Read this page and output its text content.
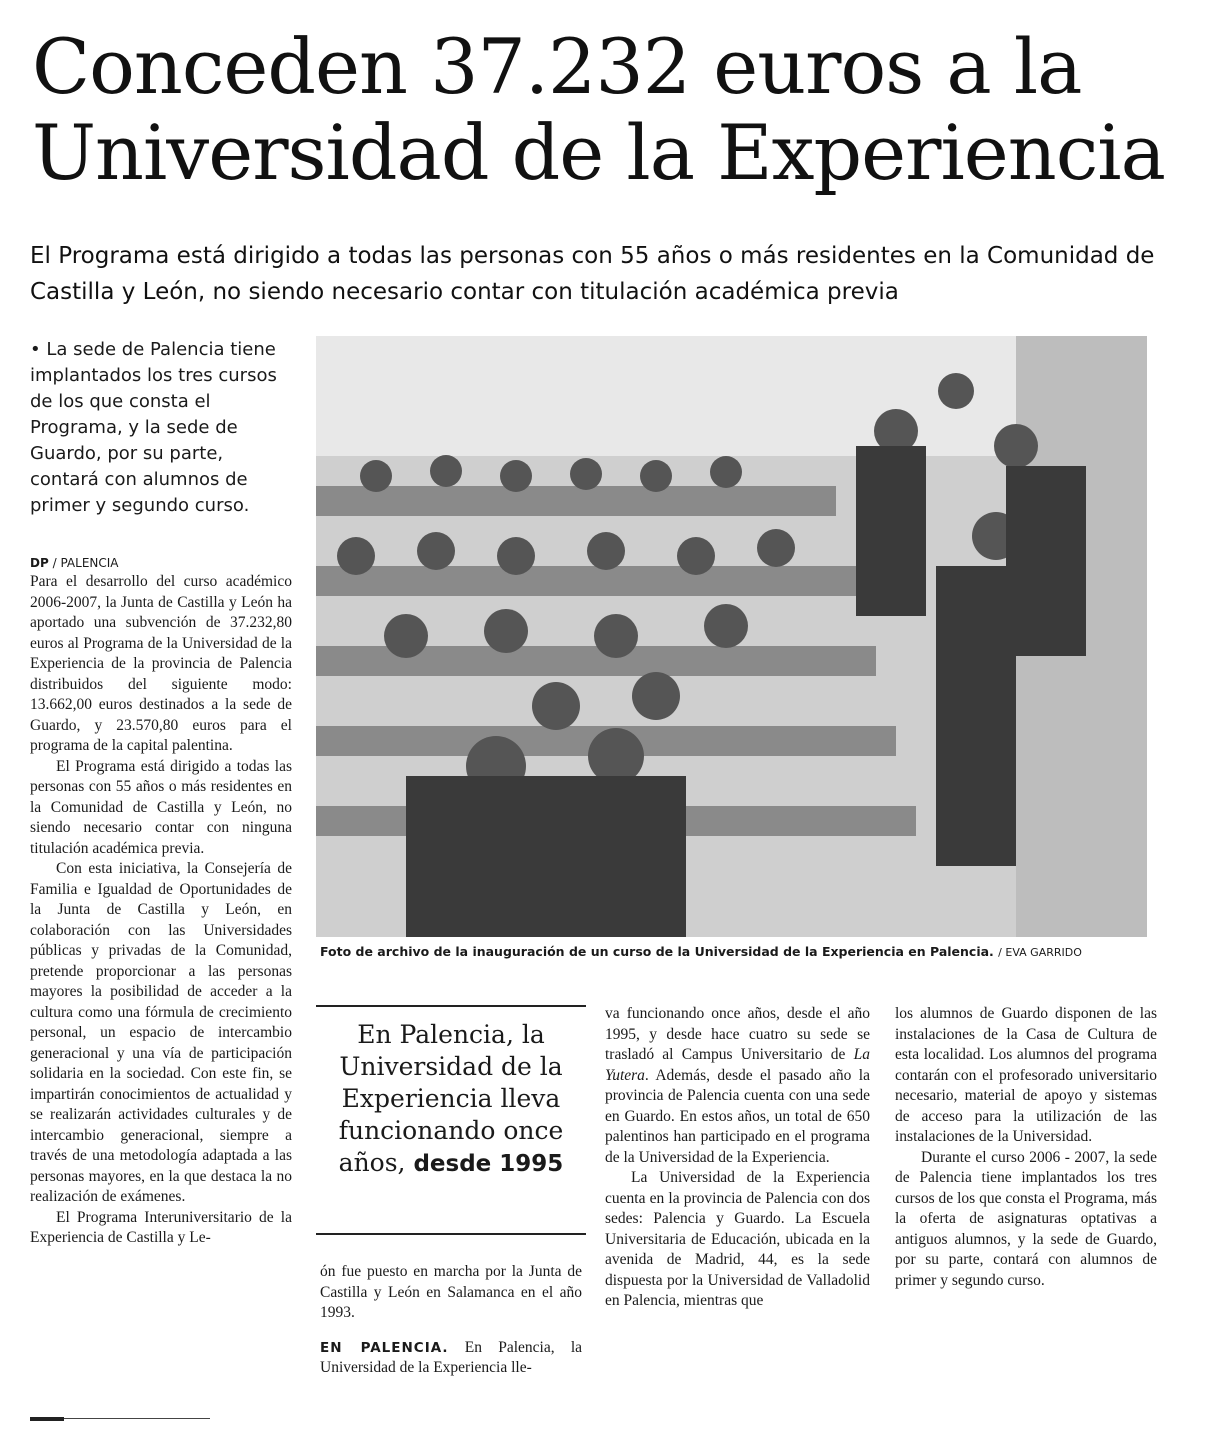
Conceden 37.232 euros a la Universidad de la Experiencia

El Programa está dirigido a todas las personas con 55 años o más residentes en la Comunidad de Castilla y León, no siendo necesario contar con titulación académica previa

• La sede de Palencia tiene implantados los tres cursos de los que consta el Programa, y la sede de Guardo, por su parte, contará con alumnos de primer y segundo curso.

DP / PALENCIA

Para el desarrollo del curso académico 2006-2007, la Junta de Castilla y León ha aportado una subvención de 37.232,80 euros al Programa de la Universidad de la Experiencia de la provincia de Palencia distribuidos del siguiente modo: 13.662,00 euros destinados a la sede de Guardo, y 23.570,80 euros para el programa de la capital palentina.

El Programa está dirigido a todas las personas con 55 años o más residentes en la Comunidad de Castilla y León, no siendo necesario contar con ninguna titulación académica previa.

Con esta iniciativa, la Consejería de Familia e Igualdad de Oportunidades de la Junta de Castilla y León, en colaboración con las Universidades públicas y privadas de la Comunidad, pretende proporcionar a las personas mayores la posibilidad de acceder a la cultura como una fórmula de crecimiento personal, un espacio de intercambio generacional y una vía de participación solidaria en la sociedad. Con este fin, se impartirán conocimientos de actualidad y se realizarán actividades culturales y de intercambio generacional, siempre a través de una metodología adaptada a las personas mayores, en la que destaca la no realización de exámenes.

El Programa Interuniversitario de la Experiencia de Castilla y Le-

Foto de archivo de la inauguración de un curso de la Universidad de la Experiencia en Palencia. / EVA GARRIDO
En Palencia, la Universidad de la Experiencia lleva funcionando once años, desde 1995

ón fue puesto en marcha por la Junta de Castilla y León en Salamanca en el año 1993.

EN PALENCIA. En Palencia, la Universidad de la Experiencia lle-

va funcionando once años, desde el año 1995, y desde hace cuatro su sede se trasladó al Campus Universitario de La Yutera. Además, desde el pasado año la provincia de Palencia cuenta con una sede en Guardo. En estos años, un total de 650 palentinos han participado en el programa de la Universidad de la Experiencia.

La Universidad de la Experiencia cuenta en la provincia de Palencia con dos sedes: Palencia y Guardo. La Escuela Universitaria de Educación, ubicada en la avenida de Madrid, 44, es la sede dispuesta por la Universidad de Valladolid en Palencia, mientras que

los alumnos de Guardo disponen de las instalaciones de la Casa de Cultura de esta localidad. Los alumnos del programa contarán con el profesorado universitario necesario, material de apoyo y sistemas de acceso para la utilización de las instalaciones de la Universidad.

Durante el curso 2006 - 2007, la sede de Palencia tiene implantados los tres cursos de los que consta el Programa, más la oferta de asignaturas optativas a antiguos alumnos, y la sede de Guardo, por su parte, contará con alumnos de primer y segundo curso.
